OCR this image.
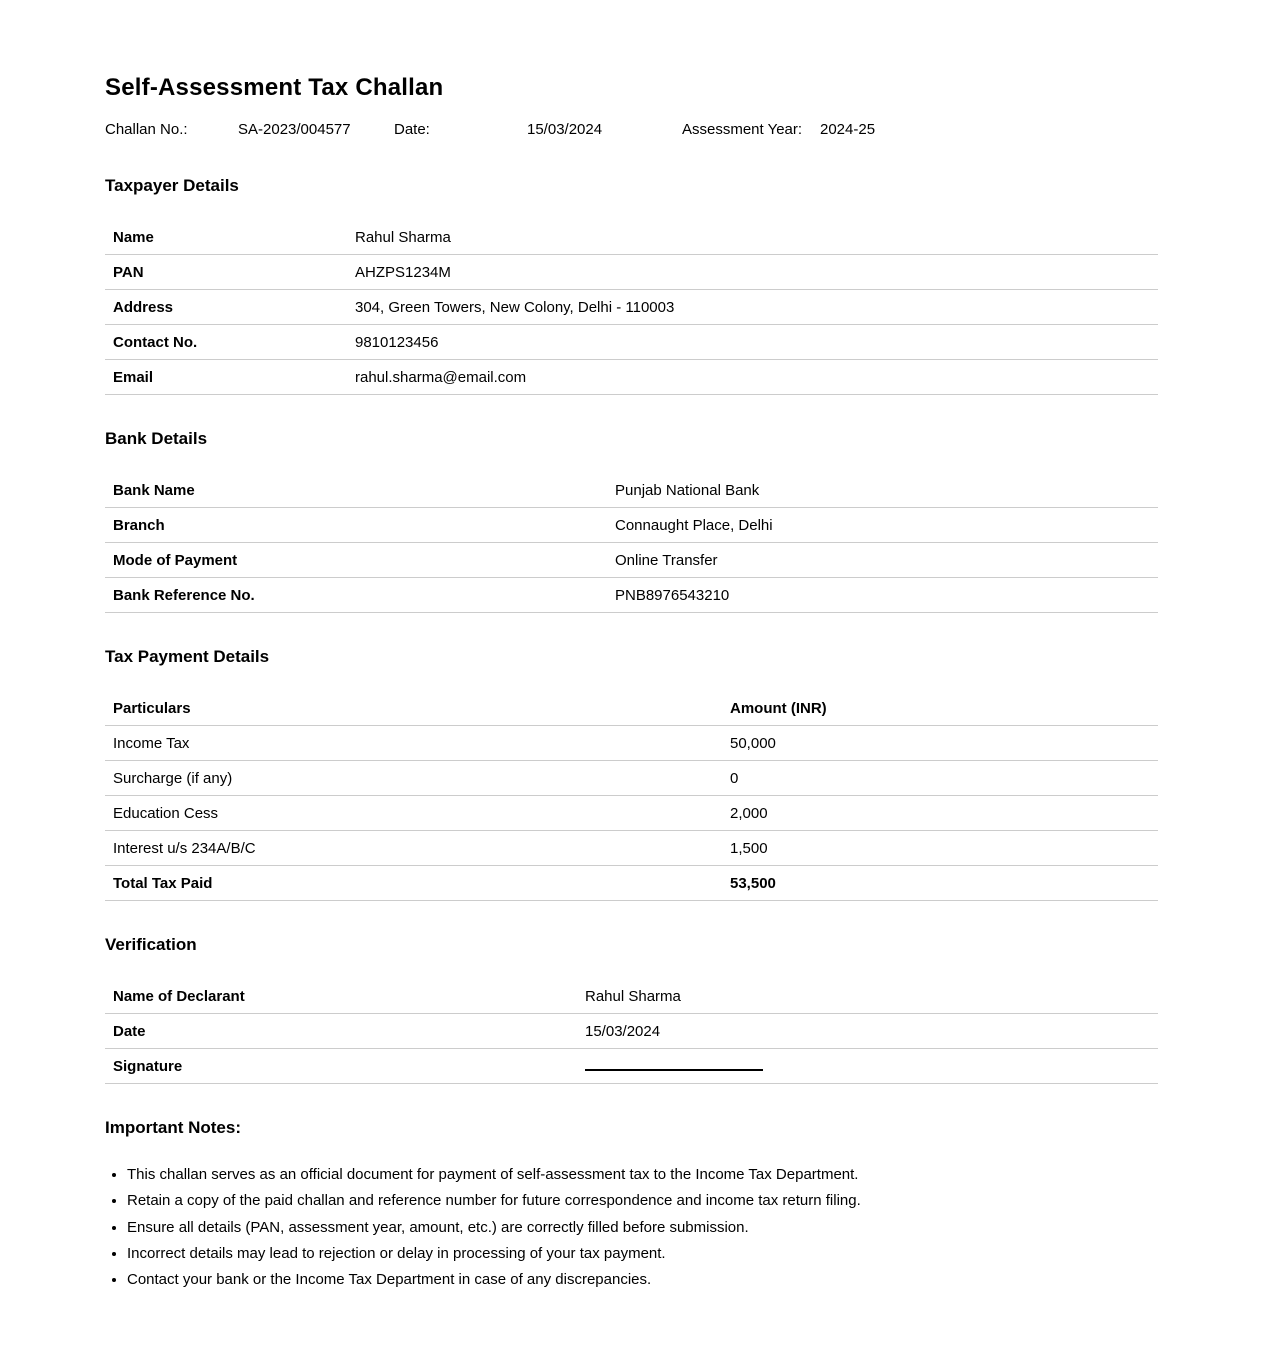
Self-Assessment Tax Challan
Challan No.:	SA-2023/004577	Date:	15/03/2024	Assessment Year:	2024-25
Taxpayer Details
Name	Rahul Sharma
PAN	AHZPS1234M
Address	304, Green Towers, New Colony, Delhi - 110003
Contact No.	9810123456
Email	rahul.sharma@email.com
Bank Details
Bank Name	Punjab National Bank
Branch	Connaught Place, Delhi
Mode of Payment	Online Transfer
Bank Reference No.	PNB8976543210
Tax Payment Details
Particulars	Amount (INR)
Income Tax	50,000
Surcharge (if any)	0
Education Cess	2,000
Interest u/s 234A/B/C	1,500
Total Tax Paid	53,500
Verification
Name of Declarant	Rahul Sharma
Date	15/03/2024
Signature
Important Notes:
• This challan serves as an official document for payment of self-assessment tax to the Income Tax Department.
• Retain a copy of the paid challan and reference number for future correspondence and income tax return filing.
• Ensure all details (PAN, assessment year, amount, etc.) are correctly filled before submission.
• Incorrect details may lead to rejection or delay in processing of your tax payment.
• Contact your bank or the Income Tax Department in case of any discrepancies.
